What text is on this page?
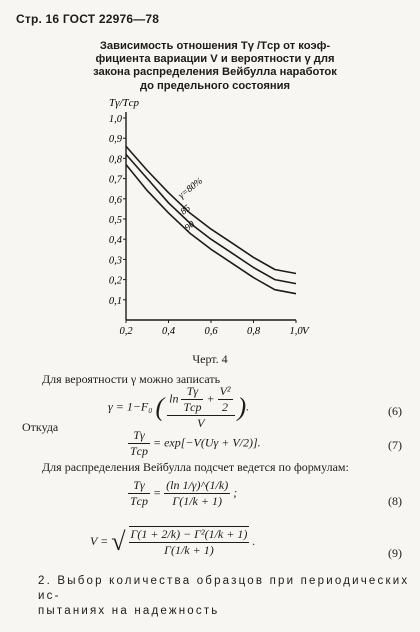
Стр. 16 ГОСТ 22976—78
Зависимость отношения Tγ /Tср от коэф-
фициента вариации V и вероятности γ для
закона распределения Вейбулла наработок
до предельного состояния
Tγ/Tср
V
0,1
0,2
0,3
0,4
0,5
0,6
0,7
0,8
0,9
1,0
0,2	0,4	0,6	0,8	1,0
γ=80%
85
90
Черт. 4
Для вероятности γ можно записать
γ = 1−F₀ ( $\frac{\ln \frac{T\gamma}{\text{Tср}} + \frac{\text{V²}}{2}}{V}$ ).	(6)
Откуда
$\frac{T\gamma}{\text{Tср}} = \exp[-V(U\gamma + V/2)]$.	(7)
Для распределения Вейбулла подсчет ведется по формулам:
$\frac{T\gamma}{\text{Tср}} = \frac{(\ln 1/\gamma)\^{}(1/k)}{\Gamma(1/k + 1)}$ ;
(8)
V = √ $\frac{\text{Γ(1 + 2/k) − Γ²(1/k + 1)}}{\Gamma(1/k + 1)}$ .
(9)
2. Выбор количества образцов при периодических ис-
пытаниях на надежность
